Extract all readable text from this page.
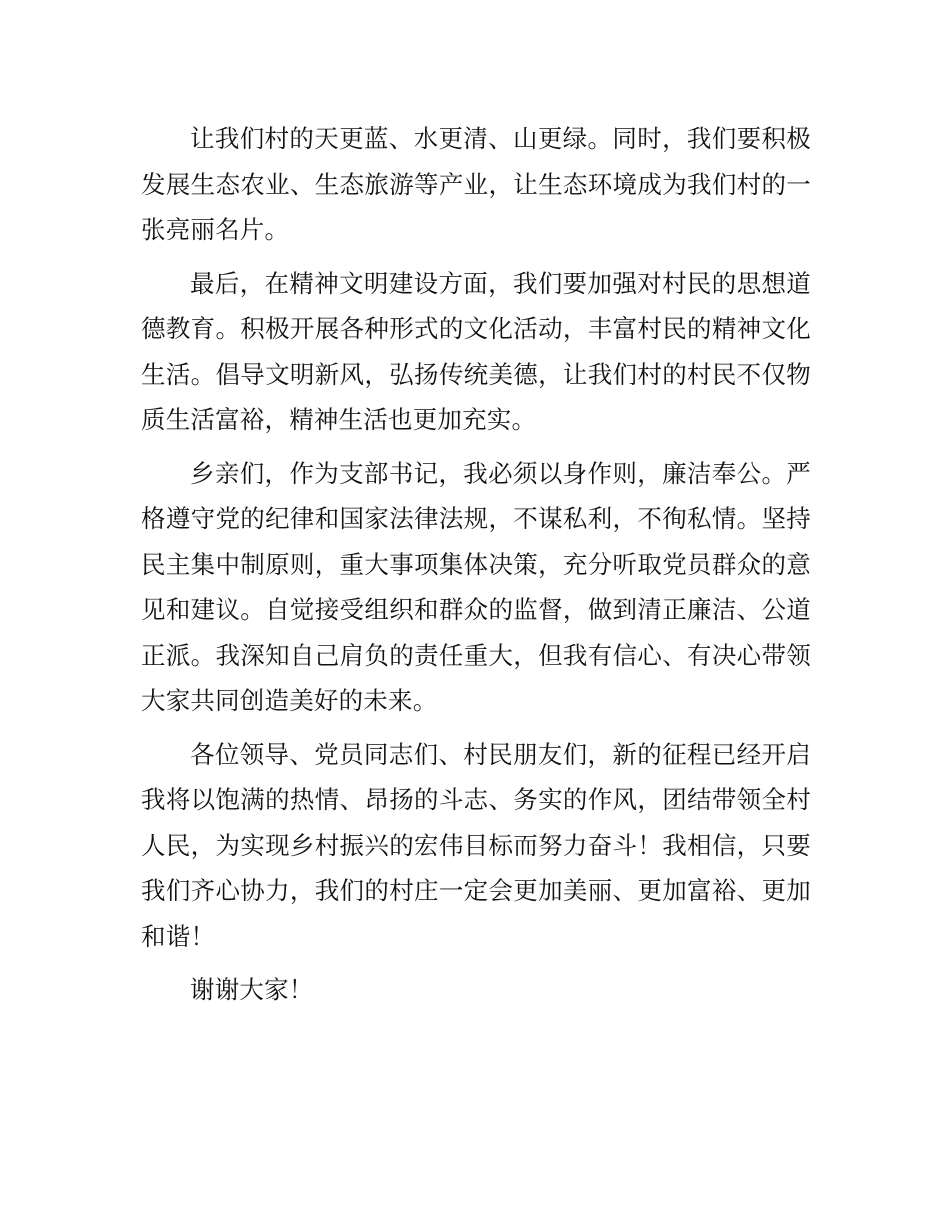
让我们村的天更蓝、水更清、山更绿。同时，我们要积极发展生态农业、生态旅游等产业，让生态环境成为我们村的一张亮丽名片。

最后，在精神文明建设方面，我们要加强对村民的思想道德教育。积极开展各种形式的文化活动，丰富村民的精神文化生活。倡导文明新风，弘扬传统美德，让我们村的村民不仅物质生活富裕，精神生活也更加充实。

乡亲们，作为支部书记，我必须以身作则，廉洁奉公。严格遵守党的纪律和国家法律法规，不谋私利，不徇私情。坚持民主集中制原则，重大事项集体决策，充分听取党员群众的意见和建议。自觉接受组织和群众的监督，做到清正廉洁、公道正派。我深知自己肩负的责任重大，但我有信心、有决心带领大家共同创造美好的未来。

各位领导、党员同志们、村民朋友们，新的征程已经开启我将以饱满的热情、昂扬的斗志、务实的作风，团结带领全村人民，为实现乡村振兴的宏伟目标而努力奋斗！我相信，只要我们齐心协力，我们的村庄一定会更加美丽、更加富裕、更加和谐！

谢谢大家！
